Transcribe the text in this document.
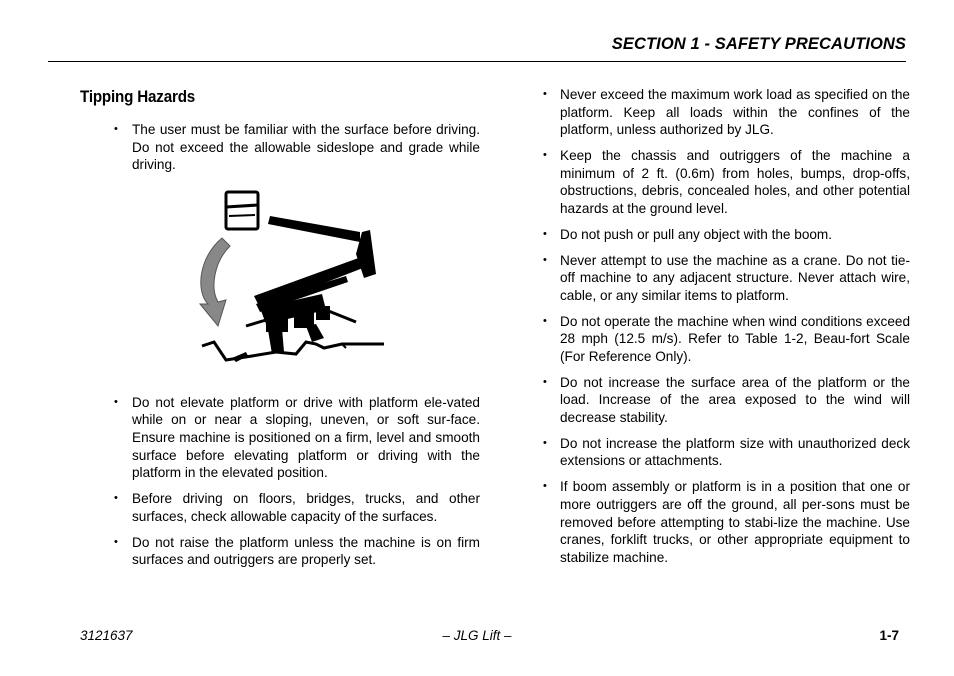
SECTION 1 - SAFETY PRECAUTIONS
Tipping Hazards
• The user must be familiar with the surface before driving. Do not exceed the allowable sideslope and grade while driving.
• Do not elevate platform or drive with platform ele-vated while on or near a sloping, uneven, or soft sur-face. Ensure machine is positioned on a firm, level and smooth surface before elevating platform or driving with the platform in the elevated position.
• Before driving on floors, bridges, trucks, and other surfaces, check allowable capacity of the surfaces.
• Do not raise the platform unless the machine is on firm surfaces and outriggers are properly set.
• Never exceed the maximum work load as specified on the platform. Keep all loads within the confines of the platform, unless authorized by JLG.
• Keep the chassis and outriggers of the machine a minimum of 2 ft. (0.6m) from holes, bumps, drop-offs, obstructions, debris, concealed holes, and other potential hazards at the ground level.
• Do not push or pull any object with the boom.
• Never attempt to use the machine as a crane. Do not tie-off machine to any adjacent structure. Never attach wire, cable, or any similar items to platform.
• Do not operate the machine when wind conditions exceed 28 mph (12.5 m/s). Refer to Table 1-2, Beau-fort Scale (For Reference Only).
• Do not increase the surface area of the platform or the load. Increase of the area exposed to the wind will decrease stability.
• Do not increase the platform size with unauthorized deck extensions or attachments.
• If boom assembly or platform is in a position that one or more outriggers are off the ground, all per-sons must be removed before attempting to stabi-lize the machine. Use cranes, forklift trucks, or other appropriate equipment to stabilize machine.
– JLG Lift –
3121637	1-7
